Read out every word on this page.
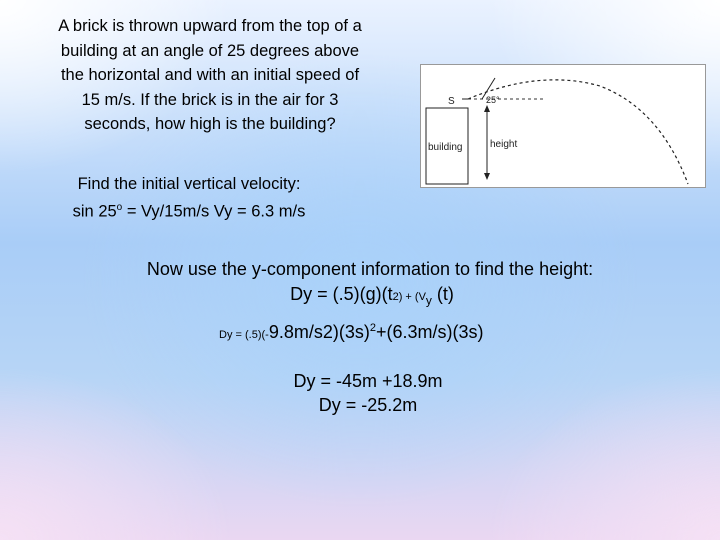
A brick is thrown upward from the top of a
building at an angle of 25 degrees above
the horizontal and with an initial speed of
15 m/s. If the brick is in the air for 3
seconds, how high is the building?
S	25°
building	height
Find the initial vertical velocity:
$\sin 25^o = Vy/15m/s$ Vy = 6.3 m/s
Now use the y-component information to find the height:
$Dy = (.5)(g)(t2) + (V_y$ (t)
$Dy = (.5)(-9.8m/s2)(3s)^2+(6.3m/s)(3s)$
Dy = -45m +18.9m
Dy = -25.2m
